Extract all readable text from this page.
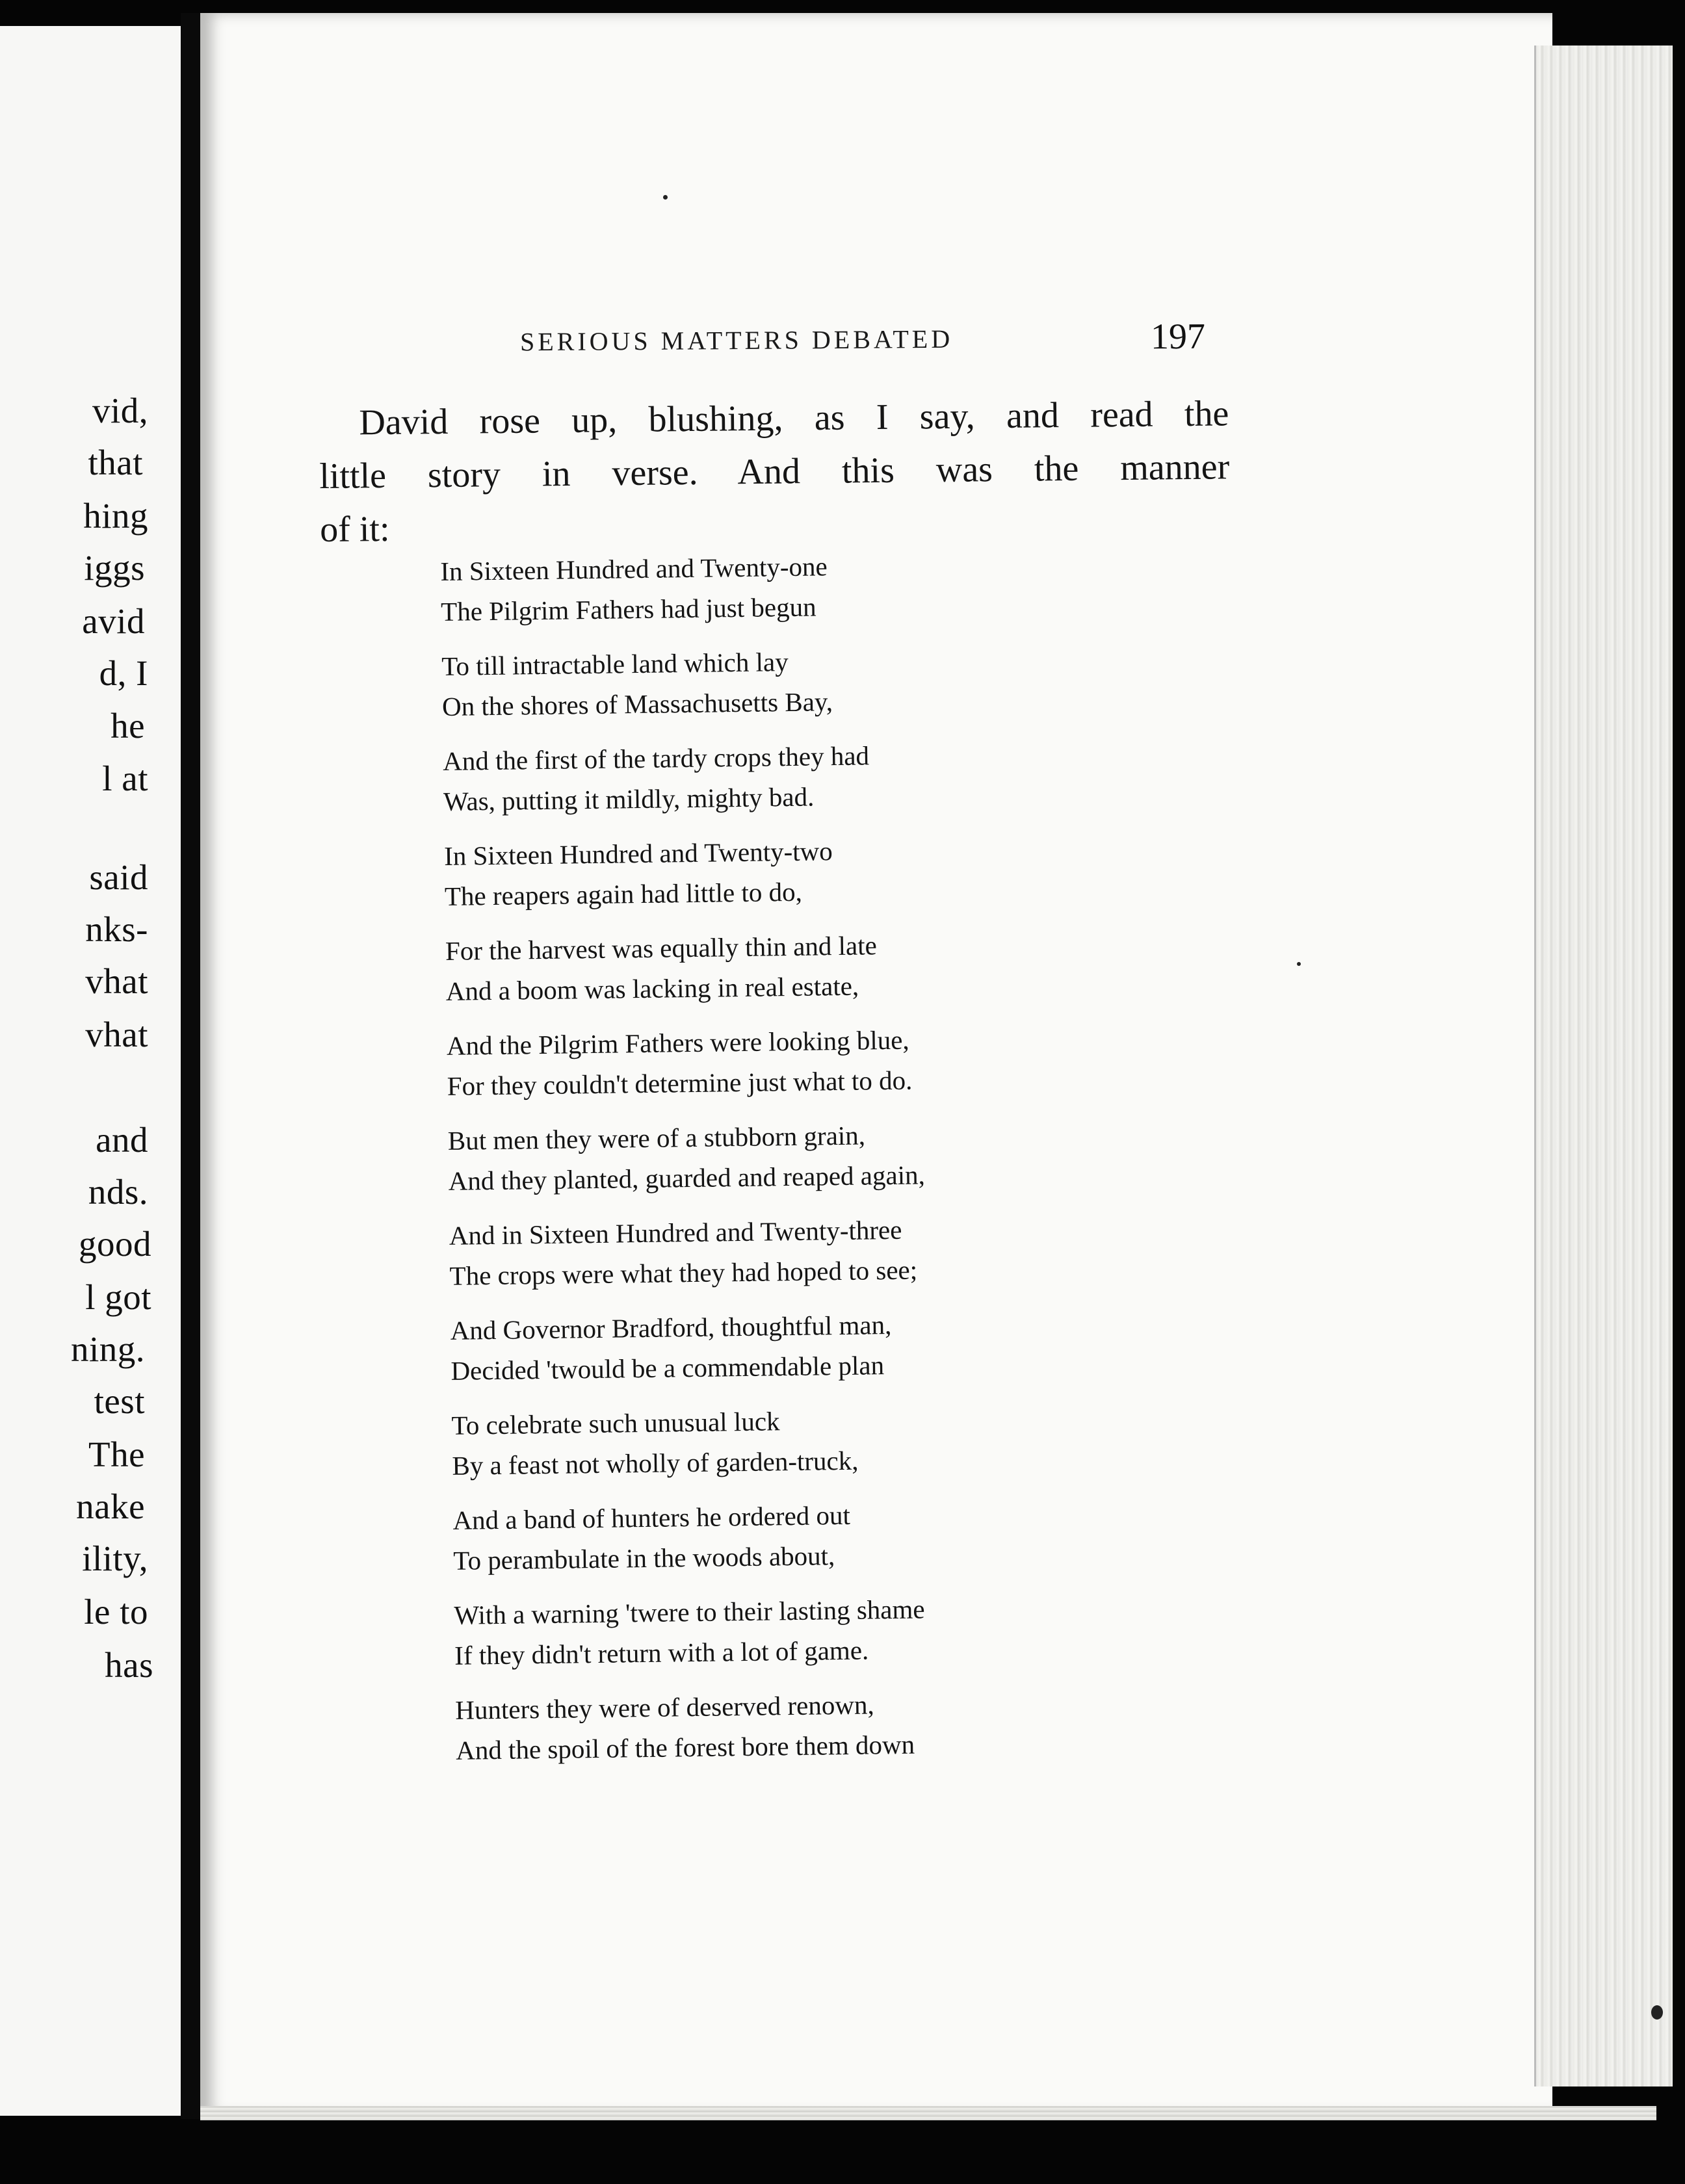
vid,
that
hing
iggs
avid
d, I
he
l at
said
nks-
vhat
vhat
and
nds.
good
l got
ning.
test
The
nake
ility,
le to
has
SERIOUS MATTERS DEBATED	197
David rose up, blushing, as I say, and read the
little story in verse. And this was the manner
of it:
In Sixteen Hundred and Twenty-one
The Pilgrim Fathers had just begun
To till intractable land which lay
On the shores of Massachusetts Bay,
And the first of the tardy crops they had
Was, putting it mildly, mighty bad.
In Sixteen Hundred and Twenty-two
The reapers again had little to do,
For the harvest was equally thin and late
And a boom was lacking in real estate,
And the Pilgrim Fathers were looking blue,
For they couldn't determine just what to do.
But men they were of a stubborn grain,
And they planted, guarded and reaped again,
And in Sixteen Hundred and Twenty-three
The crops were what they had hoped to see;
And Governor Bradford, thoughtful man,
Decided 'twould be a commendable plan
To celebrate such unusual luck
By a feast not wholly of garden-truck,
And a band of hunters he ordered out
To perambulate in the woods about,
With a warning 'twere to their lasting shame
If they didn't return with a lot of game.
Hunters they were of deserved renown,
And the spoil of the forest bore them down
